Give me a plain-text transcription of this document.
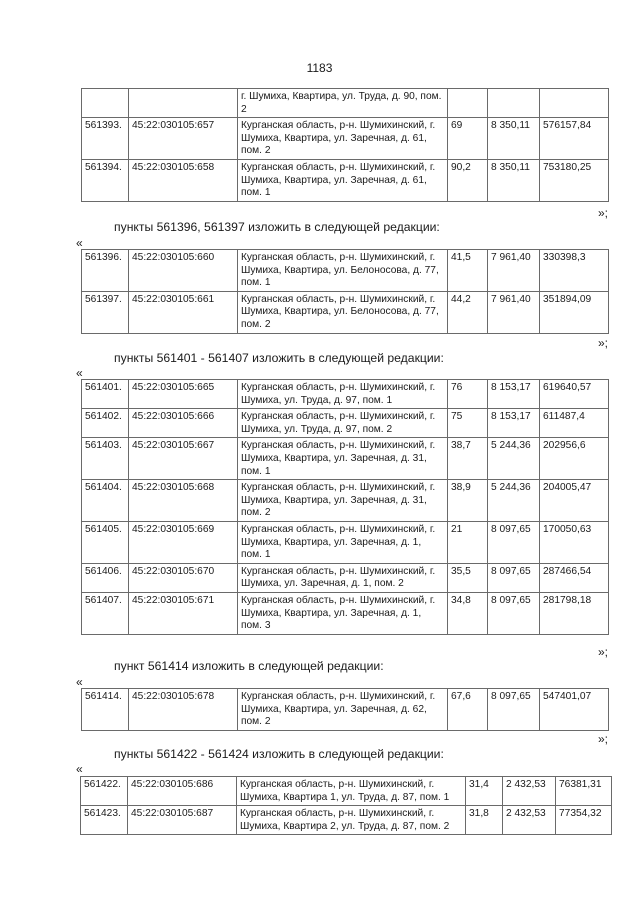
1183
		г. Шумиха, Квартира, ул. Труда, д. 90, пом. 2			
561393.	45:22:030105:657	Курганская область, р-н. Шумихинский, г. Шумиха, Квартира, ул. Заречная, д. 61, пом. 2	69	8 350,11	576157,84
561394.	45:22:030105:658	Курганская область, р-н. Шумихинский, г. Шумиха, Квартира, ул. Заречная, д. 61, пом. 1	90,2	8 350,11	753180,25
»;
пункты 561396, 561397 изложить в следующей редакции:
«
561396.	45:22:030105:660	Курганская область, р-н. Шумихинский, г. Шумиха, Квартира, ул. Белоносова, д. 77, пом. 1	41,5	7 961,40	330398,3
561397.	45:22:030105:661	Курганская область, р-н. Шумихинский, г. Шумиха, Квартира, ул. Белоносова, д. 77, пом. 2	44,2	7 961,40	351894,09
»;
пункты 561401 - 561407 изложить в следующей редакции:
«
561401.	45:22:030105:665	Курганская область, р-н. Шумихинский, г. Шумиха, ул. Труда, д. 97, пом. 1	76	8 153,17	619640,57
561402.	45:22:030105:666	Курганская область, р-н. Шумихинский, г. Шумиха, ул. Труда, д. 97, пом. 2	75	8 153,17	611487,4
561403.	45:22:030105:667	Курганская область, р-н. Шумихинский, г. Шумиха, Квартира, ул. Заречная, д. 31, пом. 1	38,7	5 244,36	202956,6
561404.	45:22:030105:668	Курганская область, р-н. Шумихинский, г. Шумиха, Квартира, ул. Заречная, д. 31, пом. 2	38,9	5 244,36	204005,47
561405.	45:22:030105:669	Курганская область, р-н. Шумихинский, г. Шумиха, Квартира, ул. Заречная, д. 1, пом. 1	21	8 097,65	170050,63
561406.	45:22:030105:670	Курганская область, р-н. Шумихинский, г. Шумиха, ул. Заречная, д. 1, пом. 2	35,5	8 097,65	287466,54
561407.	45:22:030105:671	Курганская область, р-н. Шумихинский, г. Шумиха, Квартира, ул. Заречная, д. 1, пом. 3	34,8	8 097,65	281798,18
»;
пункт 561414 изложить в следующей редакции:
«
561414.	45:22:030105:678	Курганская область, р-н. Шумихинский, г. Шумиха, Квартира, ул. Заречная, д. 62, пом. 2	67,6	8 097,65	547401,07
»;
пункты 561422 - 561424 изложить в следующей редакции:
«
561422.	45:22:030105:686	Курганская область, р-н. Шумихинский, г. Шумиха, Квартира 1, ул. Труда, д. 87, пом. 1	31,4	2 432,53	76381,31
561423.	45:22:030105:687	Курганская область, р-н. Шумихинский, г. Шумиха, Квартира 2, ул. Труда, д. 87, пом. 2	31,8	2 432,53	77354,32
